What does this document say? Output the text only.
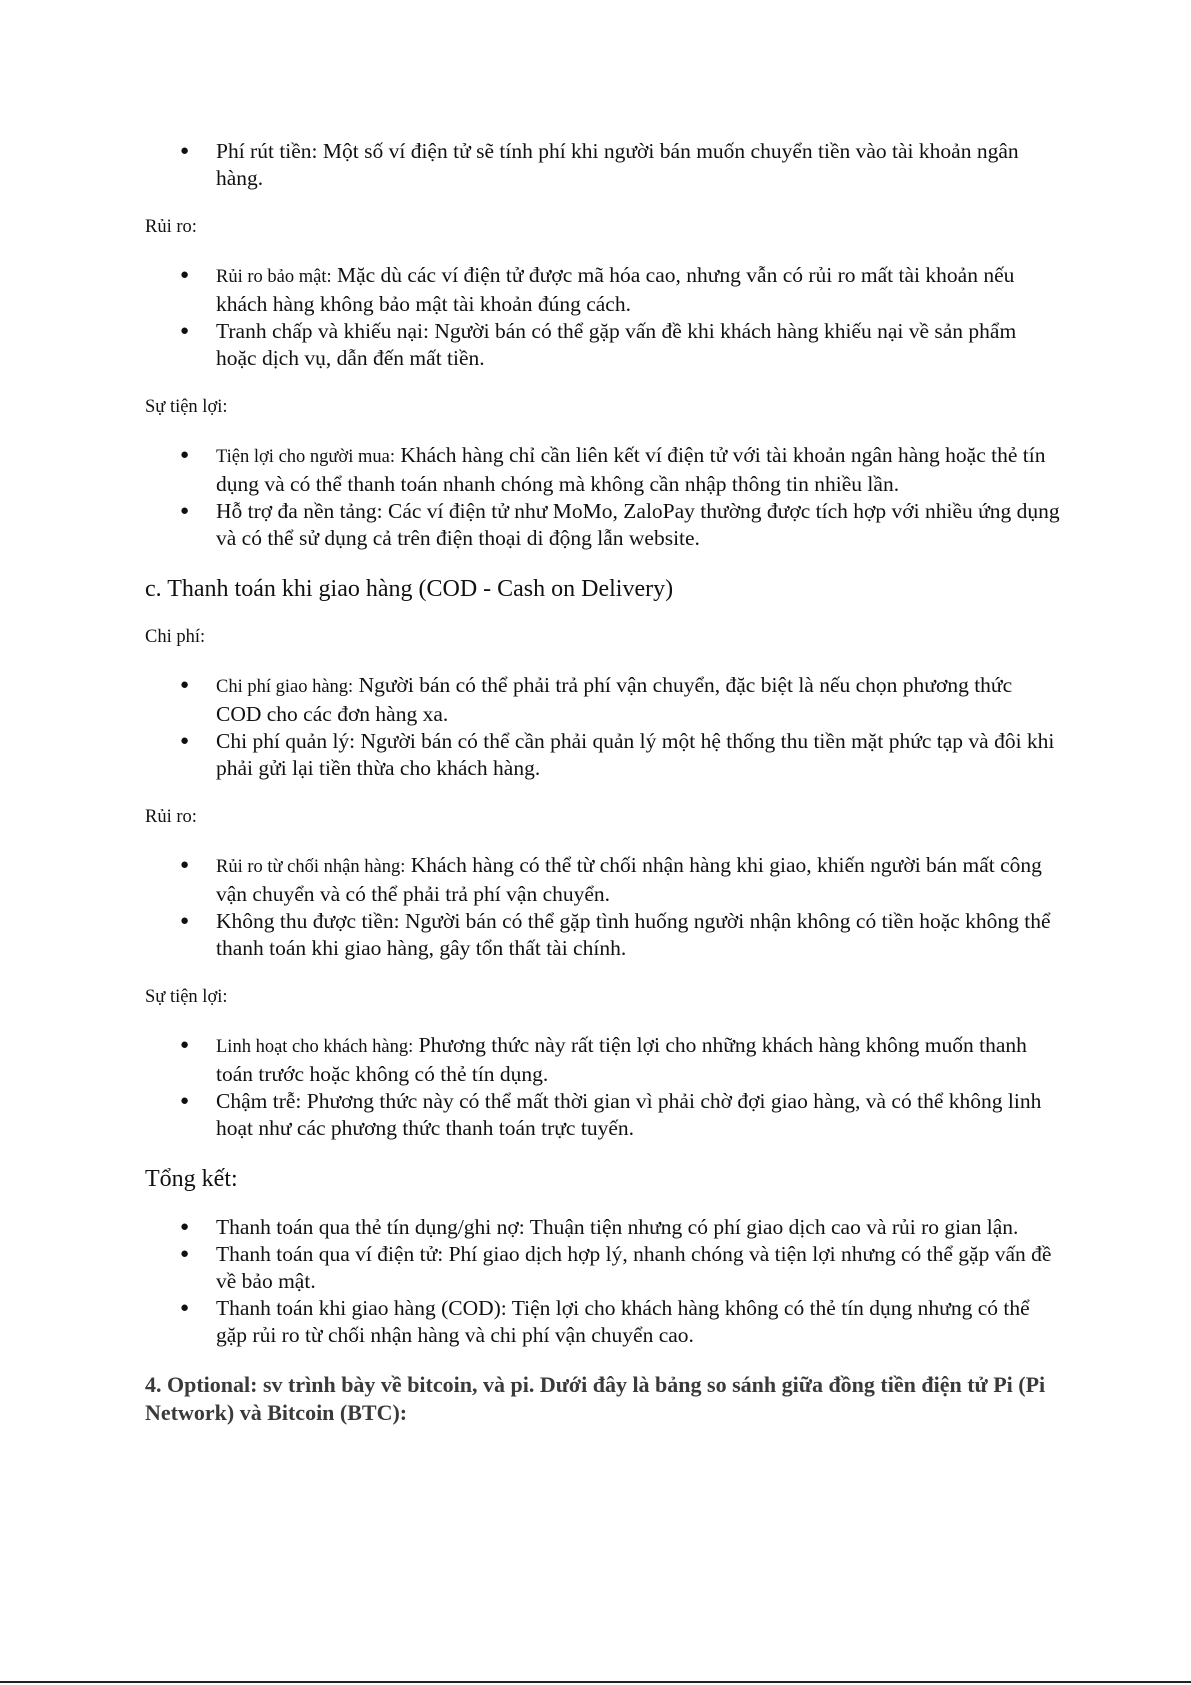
● Phí rút tiền: Một số ví điện tử sẽ tính phí khi người bán muốn chuyển tiền vào tài khoản ngân hàng.

Rủi ro:

● Rủi ro bảo mật: Mặc dù các ví điện tử được mã hóa cao, nhưng vẫn có rủi ro mất tài khoản nếu khách hàng không bảo mật tài khoản đúng cách.
● Tranh chấp và khiếu nại: Người bán có thể gặp vấn đề khi khách hàng khiếu nại về sản phẩm hoặc dịch vụ, dẫn đến mất tiền.

Sự tiện lợi:

● Tiện lợi cho người mua: Khách hàng chỉ cần liên kết ví điện tử với tài khoản ngân hàng hoặc thẻ tín dụng và có thể thanh toán nhanh chóng mà không cần nhập thông tin nhiều lần.
● Hỗ trợ đa nền tảng: Các ví điện tử như MoMo, ZaloPay thường được tích hợp với nhiều ứng dụng và có thể sử dụng cả trên điện thoại di động lẫn website.
c. Thanh toán khi giao hàng (COD - Cash on Delivery)

Chi phí:

● Chi phí giao hàng: Người bán có thể phải trả phí vận chuyển, đặc biệt là nếu chọn phương thức COD cho các đơn hàng xa.
● Chi phí quản lý: Người bán có thể cần phải quản lý một hệ thống thu tiền mặt phức tạp và đôi khi phải gửi lại tiền thừa cho khách hàng.

Rủi ro:

● Rủi ro từ chối nhận hàng: Khách hàng có thể từ chối nhận hàng khi giao, khiến người bán mất công vận chuyển và có thể phải trả phí vận chuyển.
● Không thu được tiền: Người bán có thể gặp tình huống người nhận không có tiền hoặc không thể thanh toán khi giao hàng, gây tổn thất tài chính.

Sự tiện lợi:

● Linh hoạt cho khách hàng: Phương thức này rất tiện lợi cho những khách hàng không muốn thanh toán trước hoặc không có thẻ tín dụng.
● Chậm trễ: Phương thức này có thể mất thời gian vì phải chờ đợi giao hàng, và có thể không linh hoạt như các phương thức thanh toán trực tuyến.
Tổng kết:
● Thanh toán qua thẻ tín dụng/ghi nợ: Thuận tiện nhưng có phí giao dịch cao và rủi ro gian lận.
● Thanh toán qua ví điện tử: Phí giao dịch hợp lý, nhanh chóng và tiện lợi nhưng có thể gặp vấn đề về bảo mật.
● Thanh toán khi giao hàng (COD): Tiện lợi cho khách hàng không có thẻ tín dụng nhưng có thể gặp rủi ro từ chối nhận hàng và chi phí vận chuyển cao.

4. Optional: sv trình bày về bitcoin, và pi. Dưới đây là bảng so sánh giữa đồng tiền điện tử Pi (Pi Network) và Bitcoin (BTC):
